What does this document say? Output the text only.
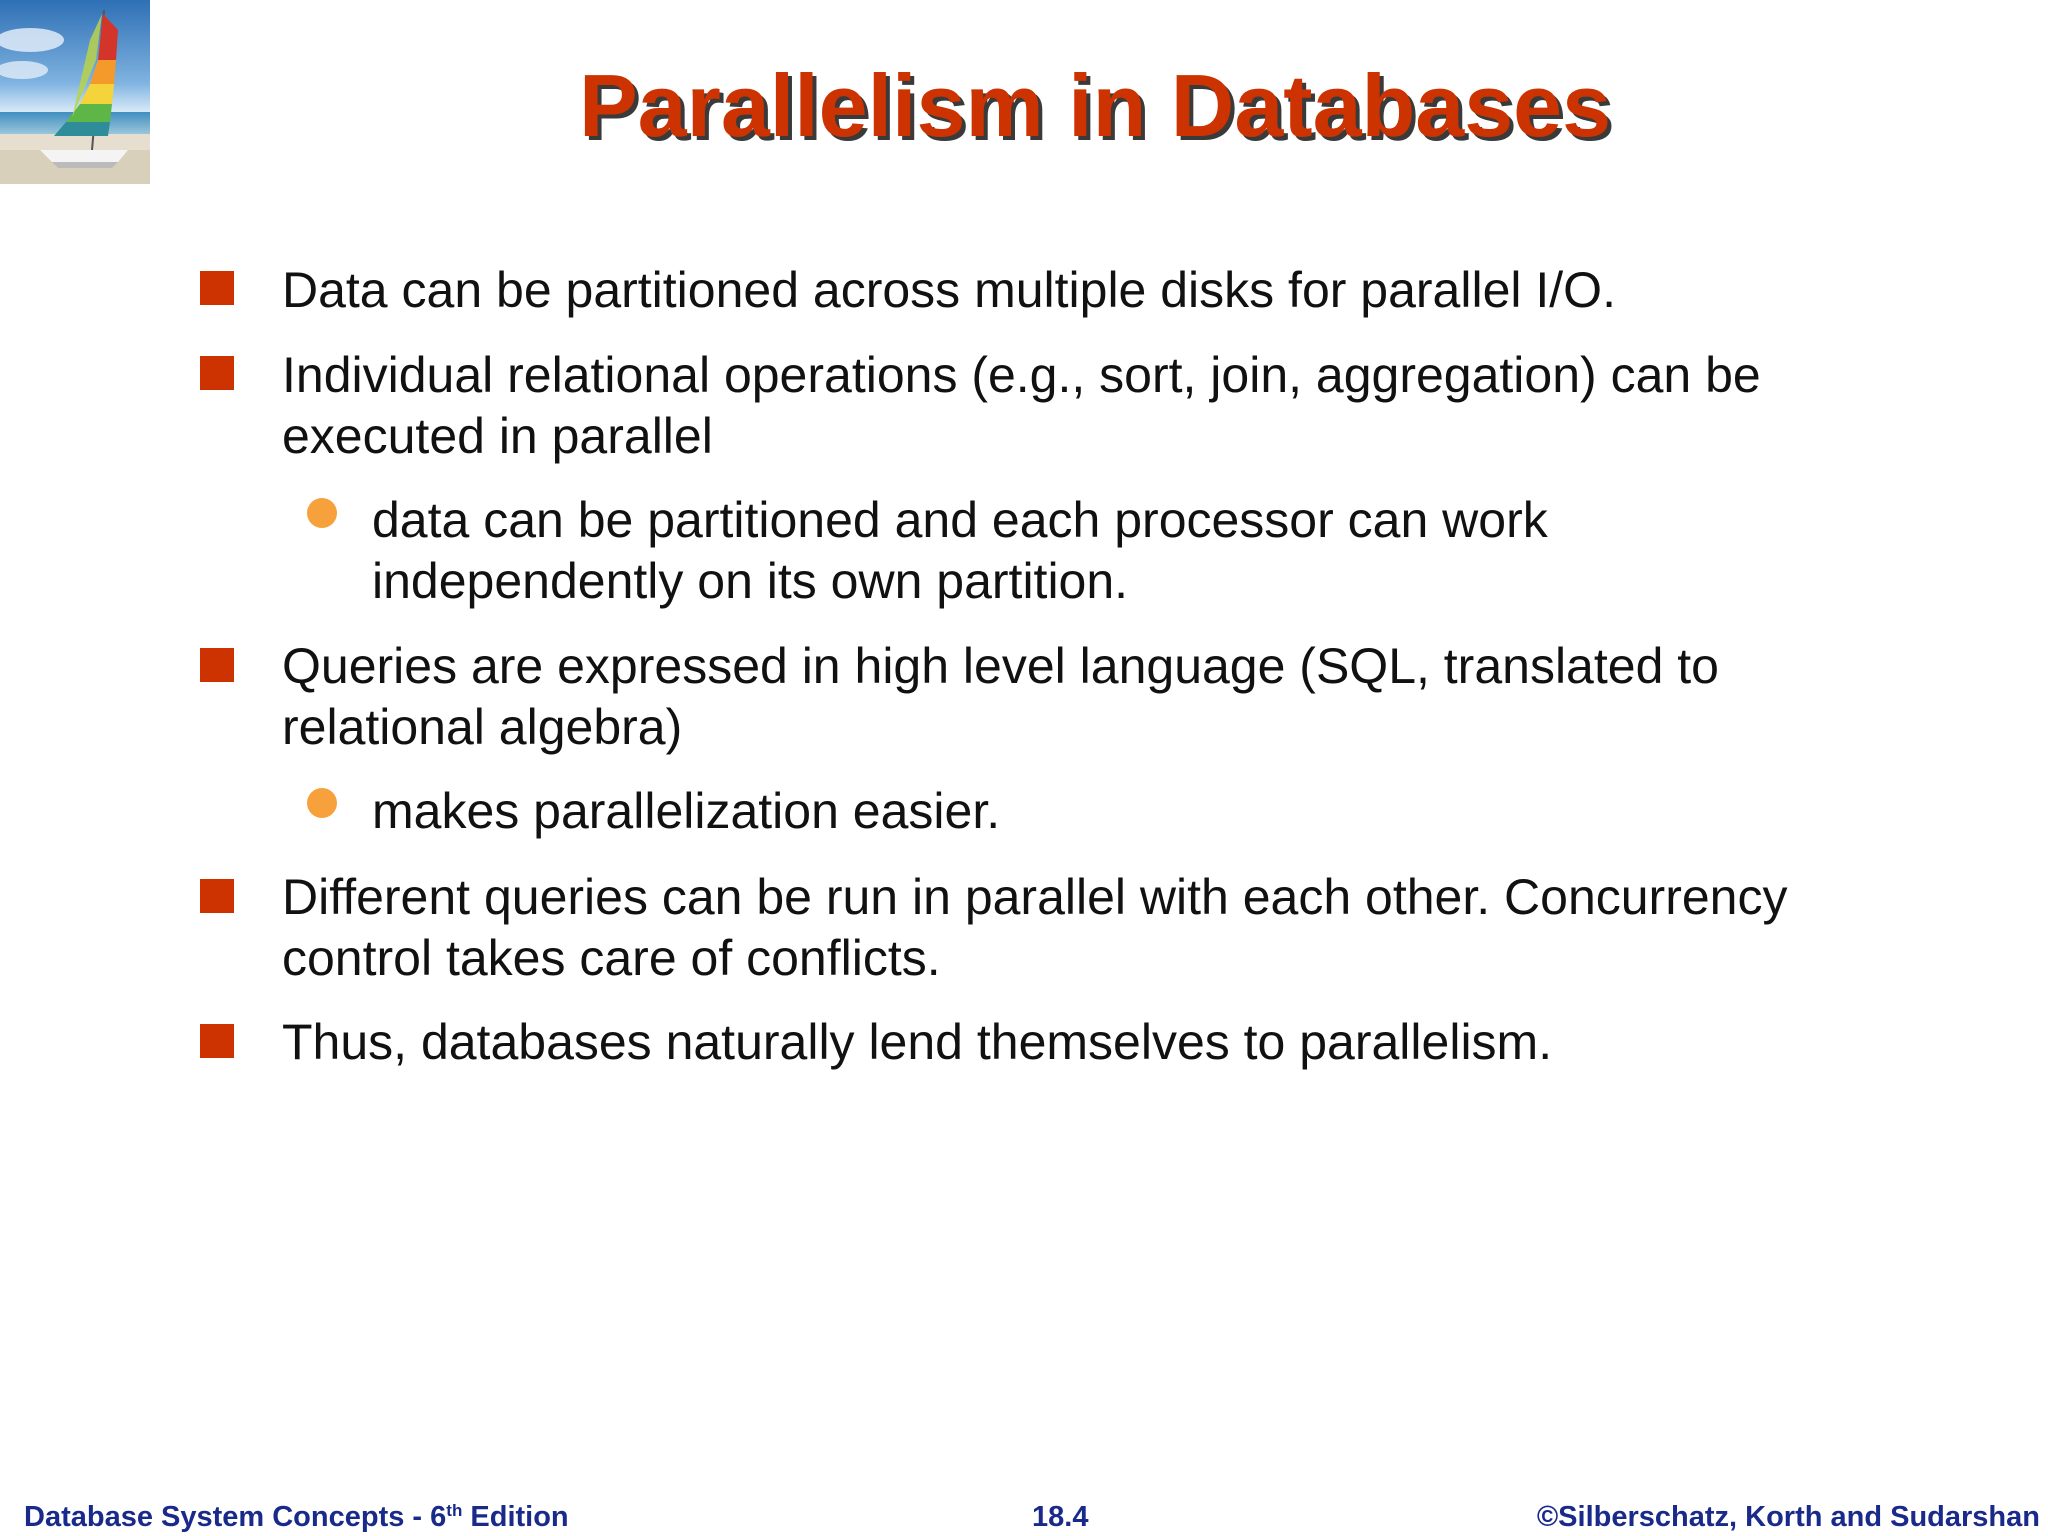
Parallelism in Databases
Data can be partitioned across multiple disks for parallel I/O.
Individual relational operations (e.g., sort, join, aggregation) can be executed in parallel
data can be partitioned and each processor can work independently on its own partition.
Queries are expressed in high level language (SQL, translated to relational algebra)
makes parallelization easier.
Different queries can be run in parallel with each other. Concurrency control takes care of conflicts.
Thus, databases naturally lend themselves to parallelism.
Database System Concepts - 6th Edition	18.4	©Silberschatz, Korth and Sudarshan
